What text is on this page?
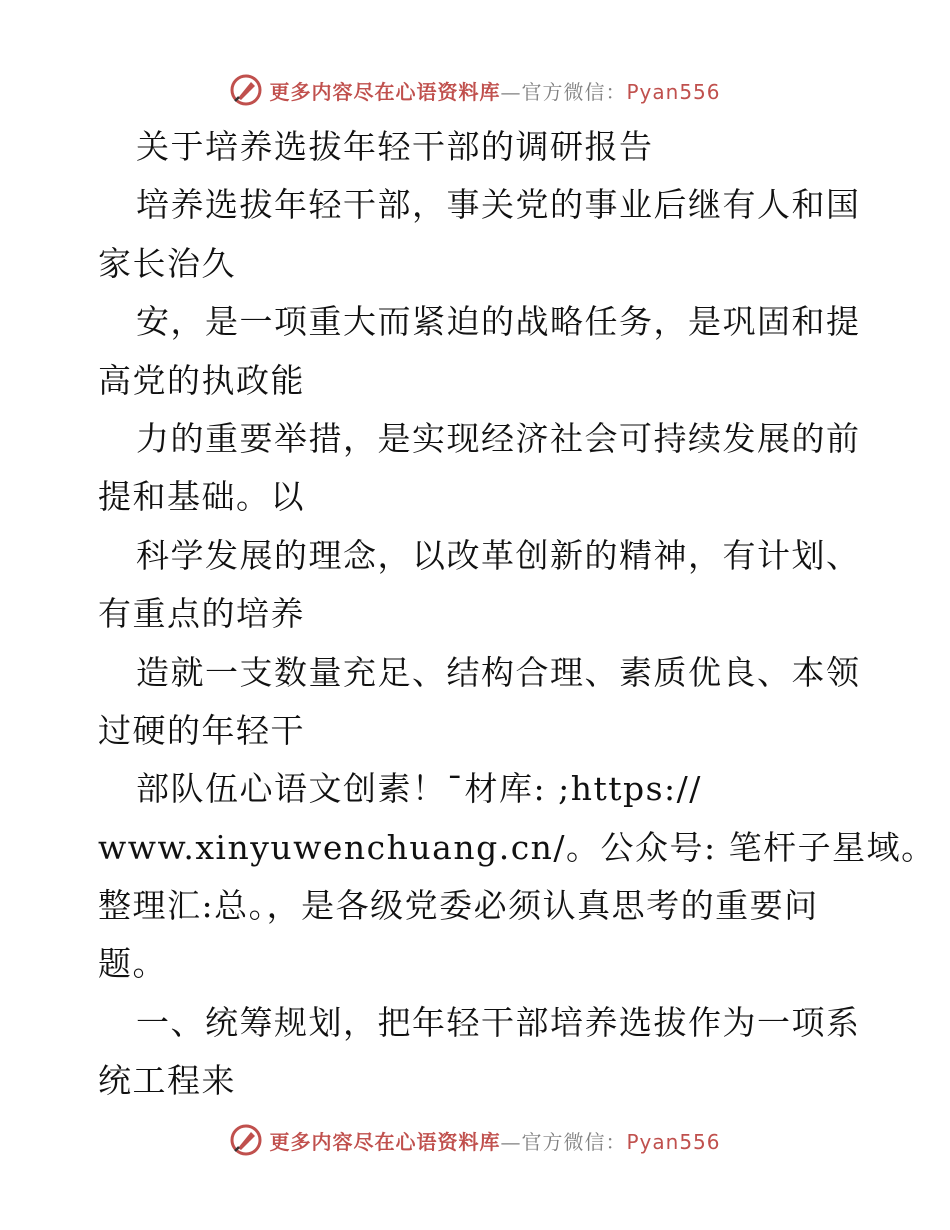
更多内容尽在心语资料库—官方微信：Pyan556
关于培养选拔年轻干部的调研报告
培养选拔年轻干部，事关党的事业后继有人和国
家长治久
安，是一项重大而紧迫的战略任务，是巩固和提
高党的执政能
力的重要举措，是实现经济社会可持续发展的前
提和基础。以
科学发展的理念，以改革创新的精神，有计划、
有重点的培养
造就一支数量充足、结构合理、素质优良、本领
过硬的年轻干
部队伍心语文创素！¯材库: ;https://
www.xinyuwenchuang.cn/。公众号: 笔杆子星域。
整理汇:总。，是各级党委必须认真思考的重要问
题。
一、统筹规划，把年轻干部培养选拔作为一项系
统工程来
更多内容尽在心语资料库—官方微信：Pyan556
